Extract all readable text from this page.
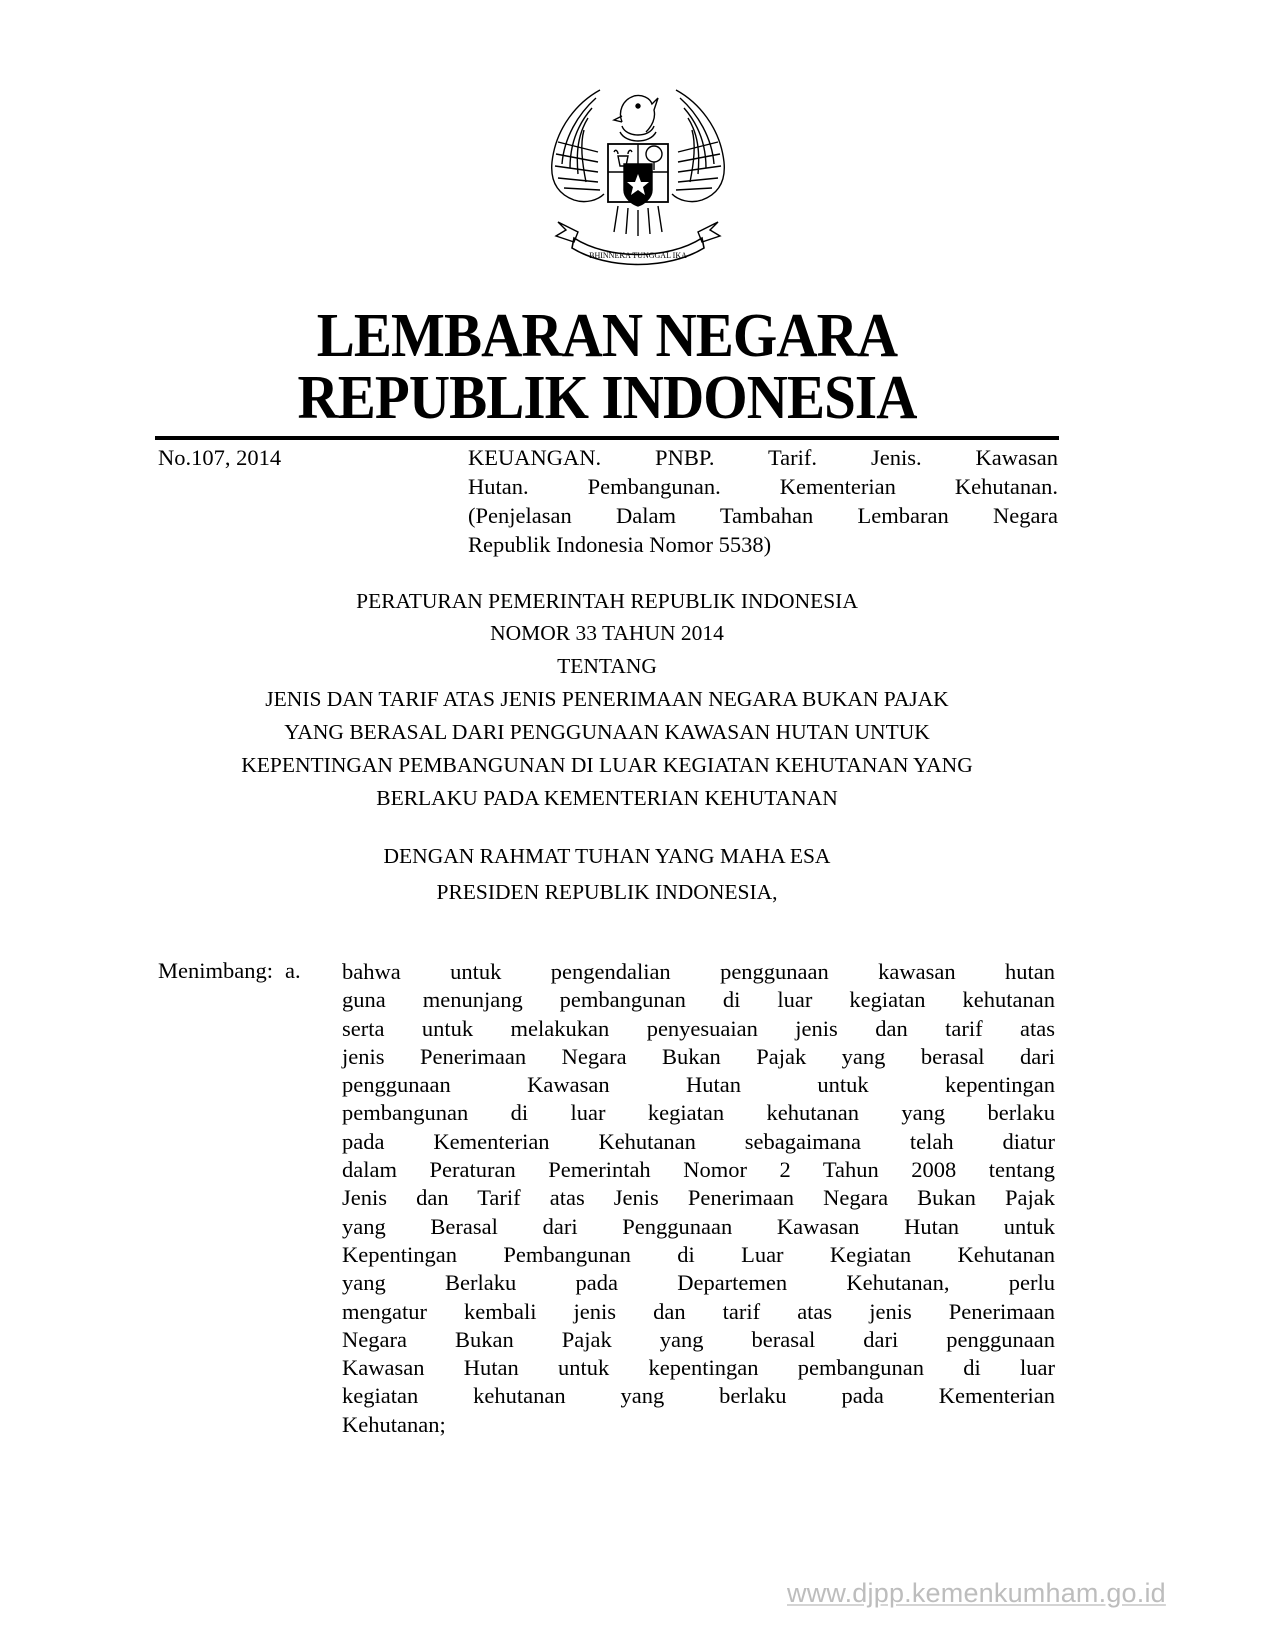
BHINNEKA TUNGGAL IKA
LEMBARAN NEGARA
REPUBLIK INDONESIA
No.107, 2014	KEUANGAN. PNBP. Tarif. Jenis. Kawasan
Hutan. Pembangunan. Kementerian Kehutanan.
(Penjelasan Dalam Tambahan Lembaran Negara
Republik Indonesia Nomor 5538)
PERATURAN PEMERINTAH REPUBLIK INDONESIA
NOMOR 33 TAHUN 2014
TENTANG
JENIS DAN TARIF ATAS JENIS PENERIMAAN NEGARA BUKAN PAJAK
YANG BERASAL DARI PENGGUNAAN KAWASAN HUTAN UNTUK
KEPENTINGAN PEMBANGUNAN DI LUAR KEGIATAN KEHUTANAN YANG
BERLAKU PADA KEMENTERIAN KEHUTANAN
DENGAN RAHMAT TUHAN YANG MAHA ESA
PRESIDEN REPUBLIK INDONESIA,
Menimbang: a. bahwa untuk pengendalian penggunaan kawasan hutan
guna menunjang pembangunan di luar kegiatan kehutanan
serta untuk melakukan penyesuaian jenis dan tarif atas
jenis Penerimaan Negara Bukan Pajak yang berasal dari
penggunaan Kawasan Hutan untuk kepentingan
pembangunan di luar kegiatan kehutanan yang berlaku
pada Kementerian Kehutanan sebagaimana telah diatur
dalam Peraturan Pemerintah Nomor 2 Tahun 2008 tentang
Jenis dan Tarif atas Jenis Penerimaan Negara Bukan Pajak
yang Berasal dari Penggunaan Kawasan Hutan untuk
Kepentingan Pembangunan di Luar Kegiatan Kehutanan
yang Berlaku pada Departemen Kehutanan, perlu
mengatur kembali jenis dan tarif atas jenis Penerimaan
Negara Bukan Pajak yang berasal dari penggunaan
Kawasan Hutan untuk kepentingan pembangunan di luar
kegiatan kehutanan yang berlaku pada Kementerian
Kehutanan;
www.djpp.kemenkumham.go.id
